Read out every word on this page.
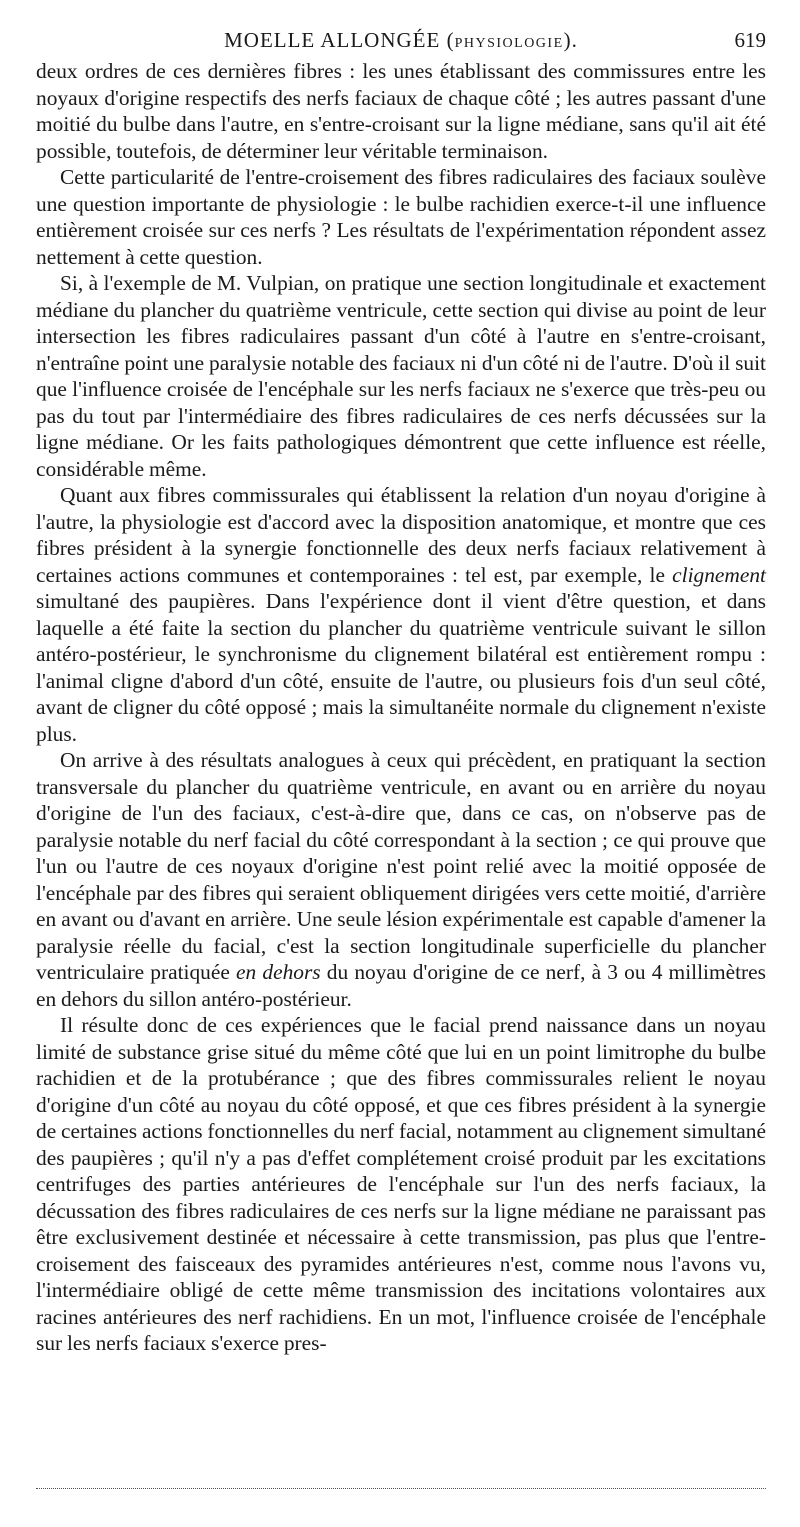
MOELLE ALLONGÉE (PHYSIOLOGIE).	619

deux ordres de ces dernières fibres : les unes établissant des commissures entre les noyaux d'origine respectifs des nerfs faciaux de chaque côté ; les autres passant d'une moitié du bulbe dans l'autre, en s'entre-croisant sur la ligne médiane, sans qu'il ait été possible, toutefois, de déterminer leur véritable terminaison.

Cette particularité de l'entre-croisement des fibres radiculaires des faciaux soulève une question importante de physiologie : le bulbe rachidien exerce-t-il une influence entièrement croisée sur ces nerfs ? Les résultats de l'expérimentation répondent assez nettement à cette question.

Si, à l'exemple de M. Vulpian, on pratique une section longitudinale et exactement médiane du plancher du quatrième ventricule, cette section qui divise au point de leur intersection les fibres radiculaires passant d'un côté à l'autre en s'entre-croisant, n'entraîne point une paralysie notable des faciaux ni d'un côté ni de l'autre. D'où il suit que l'influence croisée de l'encéphale sur les nerfs faciaux ne s'exerce que très-peu ou pas du tout par l'intermédiaire des fibres radiculaires de ces nerfs décussées sur la ligne médiane. Or les faits pathologiques démontrent que cette influence est réelle, considérable même.

Quant aux fibres commissurales qui établissent la relation d'un noyau d'origine à l'autre, la physiologie est d'accord avec la disposition anatomique, et montre que ces fibres président à la synergie fonctionnelle des deux nerfs faciaux relativement à certaines actions communes et contemporaines : tel est, par exemple, le clignement simultané des paupières. Dans l'expérience dont il vient d'être question, et dans laquelle a été faite la section du plancher du quatrième ventricule suivant le sillon antéro-postérieur, le synchronisme du clignement bilatéral est entièrement rompu : l'animal cligne d'abord d'un côté, ensuite de l'autre, ou plusieurs fois d'un seul côté, avant de cligner du côté opposé ; mais la simultanéite normale du clignement n'existe plus.

On arrive à des résultats analogues à ceux qui précèdent, en pratiquant la section transversale du plancher du quatrième ventricule, en avant ou en arrière du noyau d'origine de l'un des faciaux, c'est-à-dire que, dans ce cas, on n'observe pas de paralysie notable du nerf facial du côté correspondant à la section ; ce qui prouve que l'un ou l'autre de ces noyaux d'origine n'est point relié avec la moitié opposée de l'encéphale par des fibres qui seraient obliquement dirigées vers cette moitié, d'arrière en avant ou d'avant en arrière. Une seule lésion expérimentale est capable d'amener la paralysie réelle du facial, c'est la section longitudinale superficielle du plancher ventriculaire pratiquée en dehors du noyau d'origine de ce nerf, à 3 ou 4 millimètres en dehors du sillon antéro-postérieur.

Il résulte donc de ces expériences que le facial prend naissance dans un noyau limité de substance grise situé du même côté que lui en un point limitrophe du bulbe rachidien et de la protubérance ; que des fibres commissurales relient le noyau d'origine d'un côté au noyau du côté opposé, et que ces fibres président à la synergie de certaines actions fonctionnelles du nerf facial, notamment au clignement simultané des paupières ; qu'il n'y a pas d'effet complétement croisé produit par les excitations centrifuges des parties antérieures de l'encéphale sur l'un des nerfs faciaux, la décussation des fibres radiculaires de ces nerfs sur la ligne médiane ne paraissant pas être exclusivement destinée et nécessaire à cette transmission, pas plus que l'entre-croisement des faisceaux des pyramides antérieures n'est, comme nous l'avons vu, l'intermédiaire obligé de cette même transmission des incitations volontaires aux racines antérieures des nerf rachidiens. En un mot, l'influence croisée de l'encéphale sur les nerfs faciaux s'exerce pres-
